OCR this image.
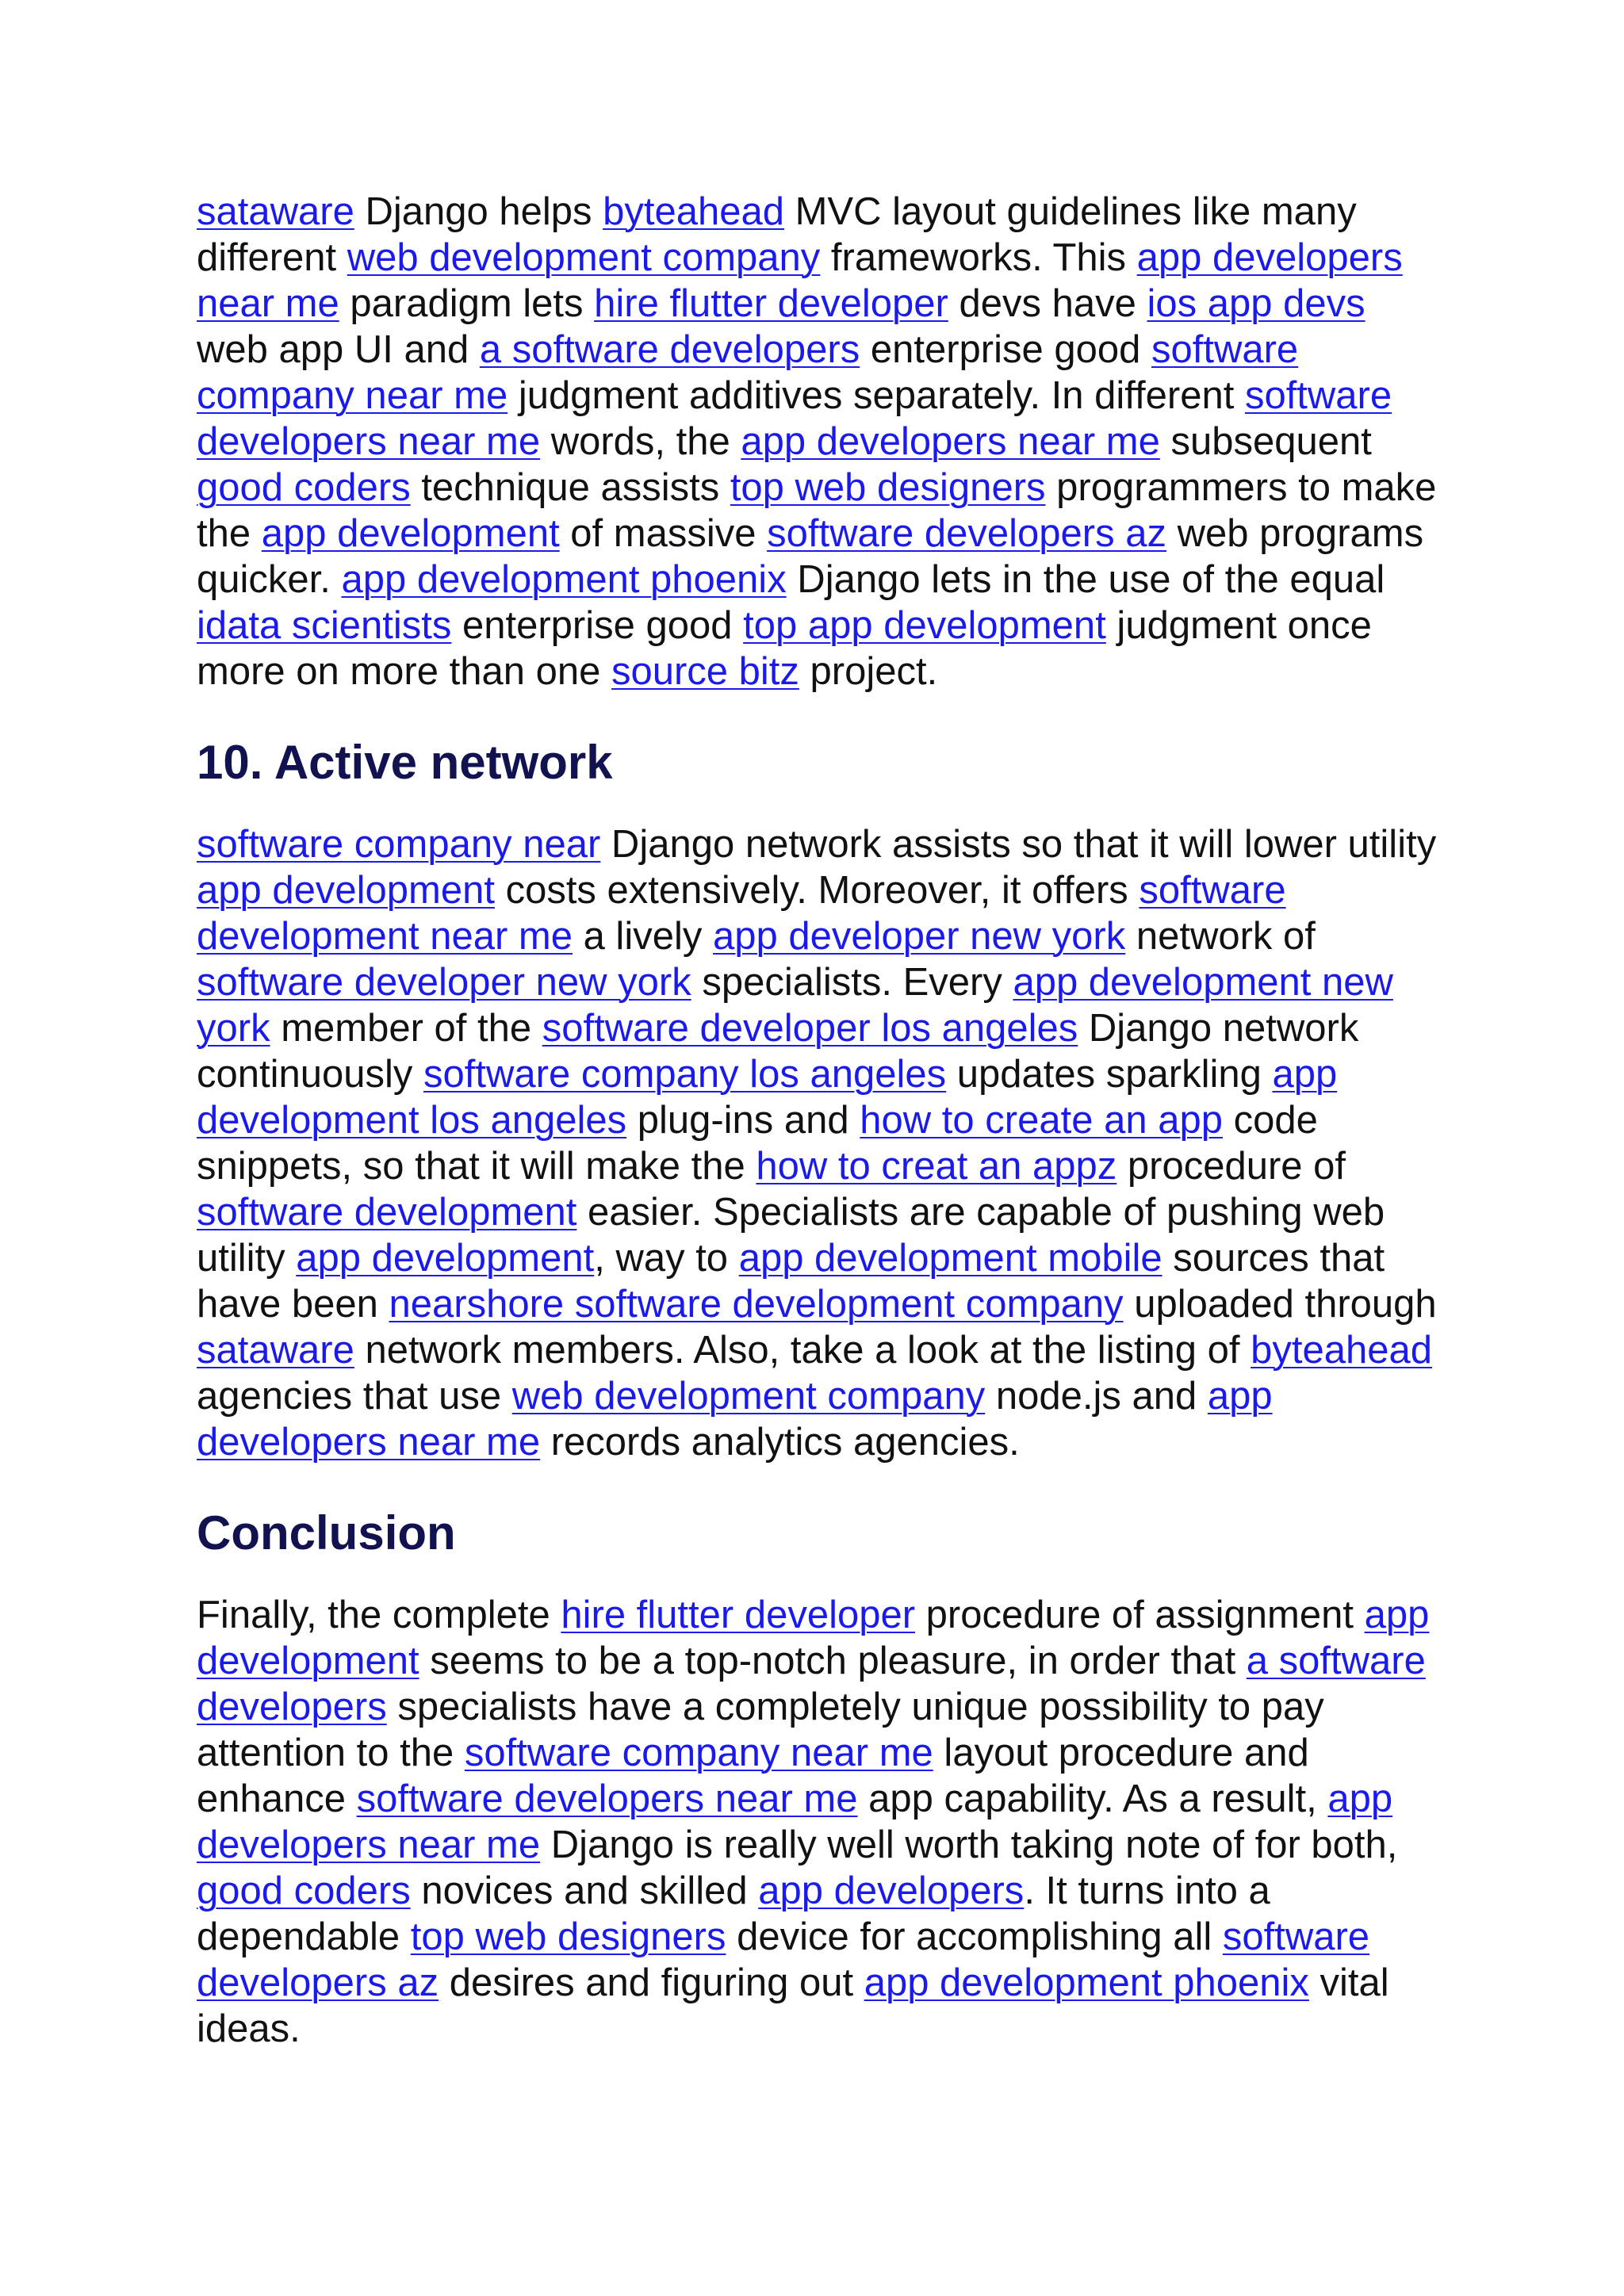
sataware Django helps byteahead MVC layout guidelines like many different web development company frameworks. This app developers near me paradigm lets hire flutter developer devs have ios app devs web app UI and a software developers enterprise good software company near me judgment additives separately. In different software developers near me words, the app developers near me subsequent good coders technique assists top web designers programmers to make the app development of massive software developers az web programs quicker. app development phoenix Django lets in the use of the equal idata scientists enterprise good top app development judgment once more on more than one source bitz project.

10. Active network

software company near Django network assists so that it will lower utility app development costs extensively. Moreover, it offers software development near me a lively app developer new york network of software developer new york specialists. Every app development new york member of the software developer los angeles Django network continuously software company los angeles updates sparkling app development los angeles plug-ins and how to create an app code snippets, so that it will make the how to creat an appz procedure of software development easier. Specialists are capable of pushing web utility app development, way to app development mobile sources that have been nearshore software development company uploaded through sataware network members. Also, take a look at the listing of byteahead agencies that use web development company node.js and app developers near me records analytics agencies.

Conclusion

Finally, the complete hire flutter developer procedure of assignment app development seems to be a top-notch pleasure, in order that a software developers specialists have a completely unique possibility to pay attention to the software company near me layout procedure and enhance software developers near me app capability. As a result, app developers near me Django is really well worth taking note of for both, good coders novices and skilled app developers. It turns into a dependable top web designers device for accomplishing all software developers az desires and figuring out app development phoenix vital ideas.
